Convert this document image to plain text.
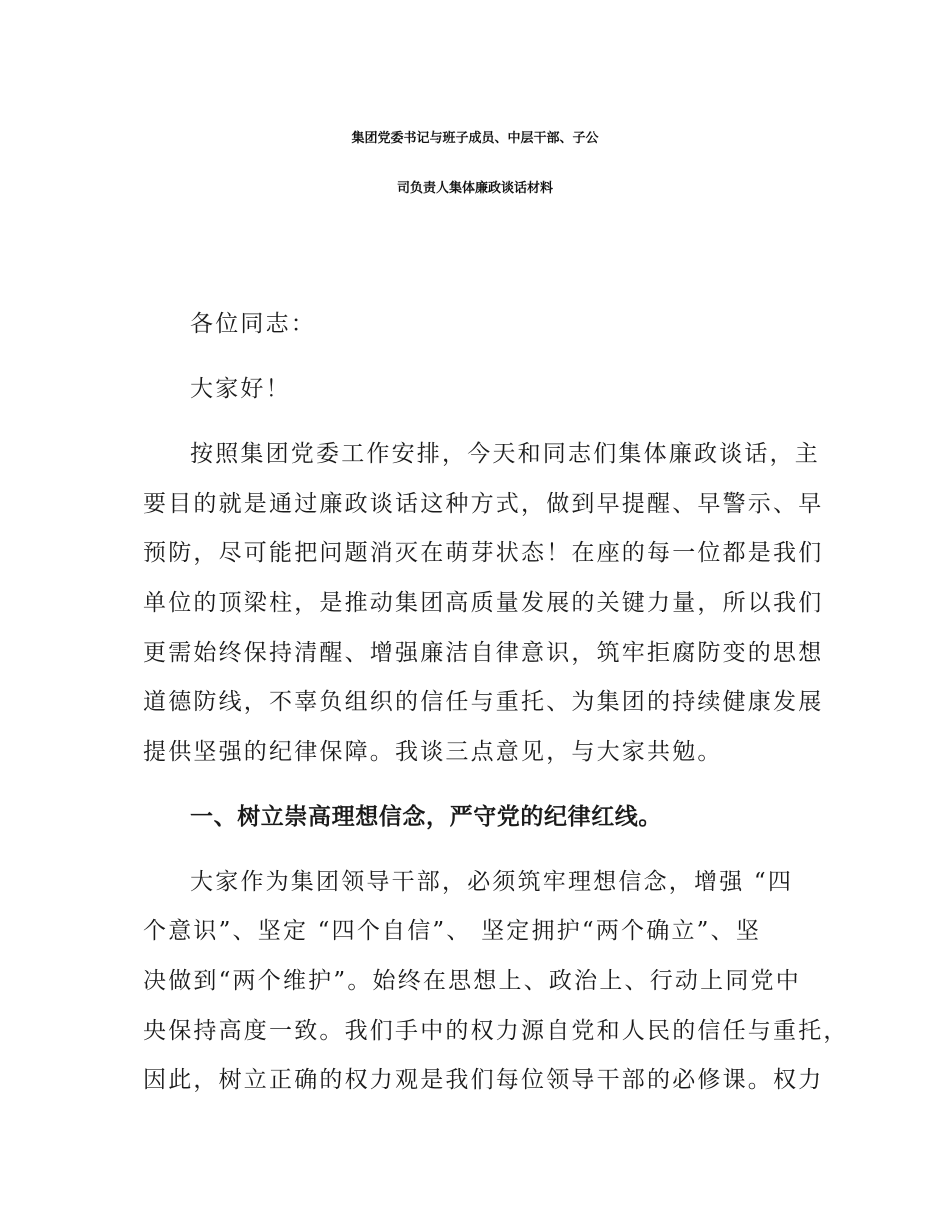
集团党委书记与班子成员、中层干部、子公
司负责人集体廉政谈话材料
各位同志：
大家好！
按照集团党委工作安排，今天和同志们集体廉政谈话，主
要目的就是通过廉政谈话这种方式，做到早提醒、早警示、早
预防，尽可能把问题消灭在萌芽状态！在座的每一位都是我们
单位的顶梁柱，是推动集团高质量发展的关键力量，所以我们
更需始终保持清醒、增强廉洁自律意识，筑牢拒腐防变的思想
道德防线，不辜负组织的信任与重托、为集团的持续健康发展
提供坚强的纪律保障。我谈三点意见，与大家共勉。
一、树立崇高理想信念，严守党的纪律红线。
大家作为集团领导干部，必须筑牢理想信念，增强 “四
个意识”、坚定 “四个自信”、 坚定拥护“两个确立”、坚
决做到“两个维护”。始终在思想上、政治上、行动上同党中
央保持高度一致。我们手中的权力源自党和人民的信任与重托，
因此，树立正确的权力观是我们每位领导干部的必修课。权力
